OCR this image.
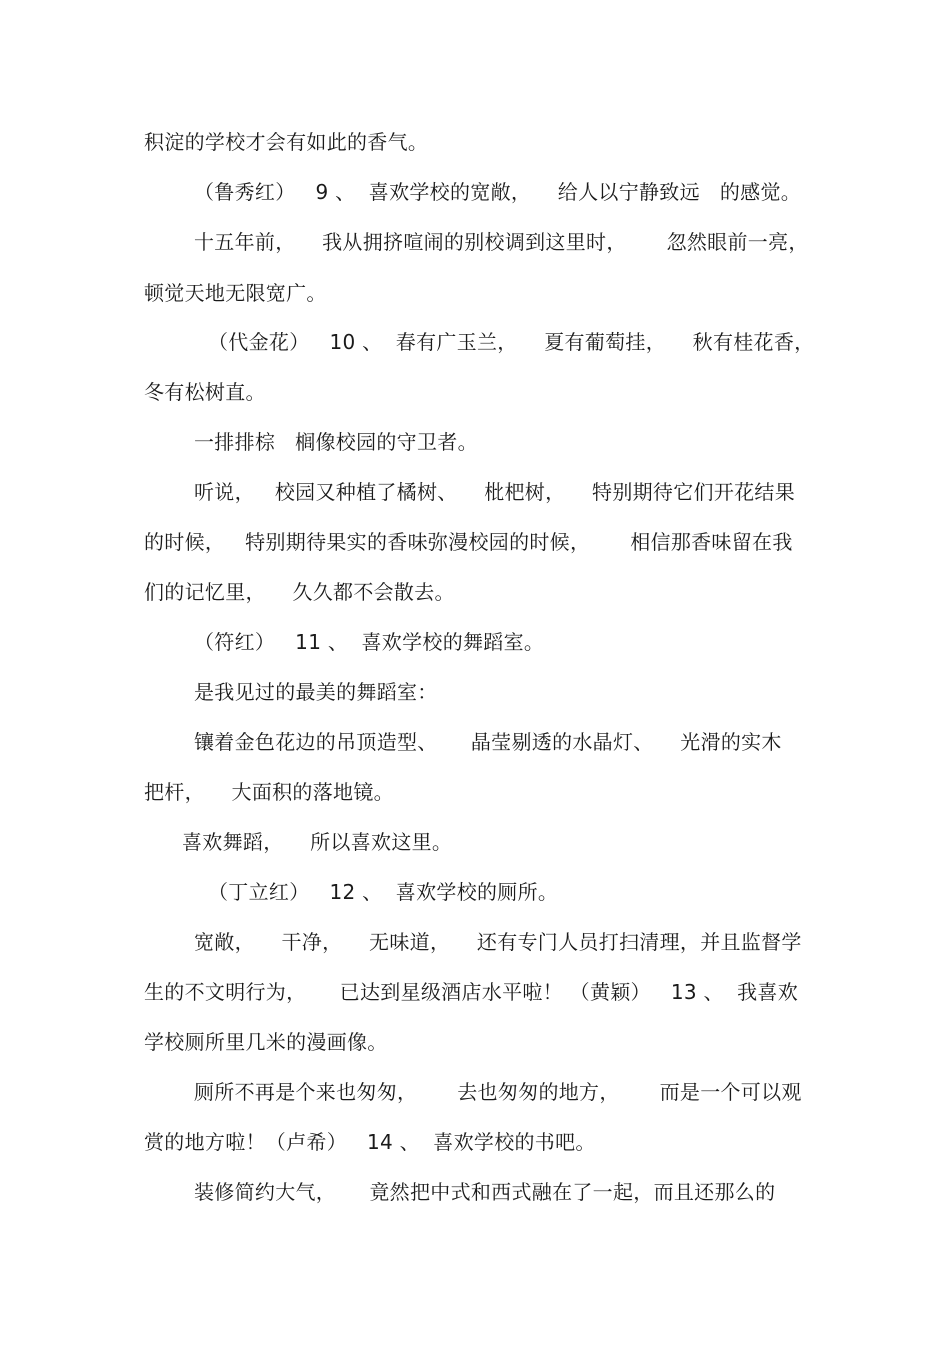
积淀的学校才会有如此的香气。
（鲁秀红）   9 、  喜欢学校的宽敞，    给人以宁静致远   的感觉。
十五年前，    我从拥挤喧闹的别校调到这里时，      忽然眼前一亮，
顿觉天地无限宽广。
（代金花）   10 、  春有广玉兰，    夏有葡萄挂，    秋有桂花香，
冬有松树直。
一排排棕   榈像校园的守卫者。
听说，   校园又种植了橘树、    枇杷树，    特别期待它们开花结果
的时候，   特别期待果实的香味弥漫校园的时候，      相信那香味留在我
们的记忆里，    久久都不会散去。
（符红）   11 、  喜欢学校的舞蹈室。
是我见过的最美的舞蹈室：
镶着金色花边的吊顶造型、     晶莹剔透的水晶灯、    光滑的实木
把杆，    大面积的落地镜。
喜欢舞蹈，    所以喜欢这里。
（丁立红）   12 、  喜欢学校的厕所。
宽敞，    干净，    无味道，    还有专门人员打扫清理，并且监督学
生的不文明行为，     已达到星级酒店水平啦！ （黄颖）   13 、  我喜欢
学校厕所里几米的漫画像。
厕所不再是个来也匆匆，      去也匆匆的地方，      而是一个可以观
赏的地方啦！（卢希）   14 、  喜欢学校的书吧。
装修简约大气，     竟然把中式和西式融在了一起，而且还那么的
